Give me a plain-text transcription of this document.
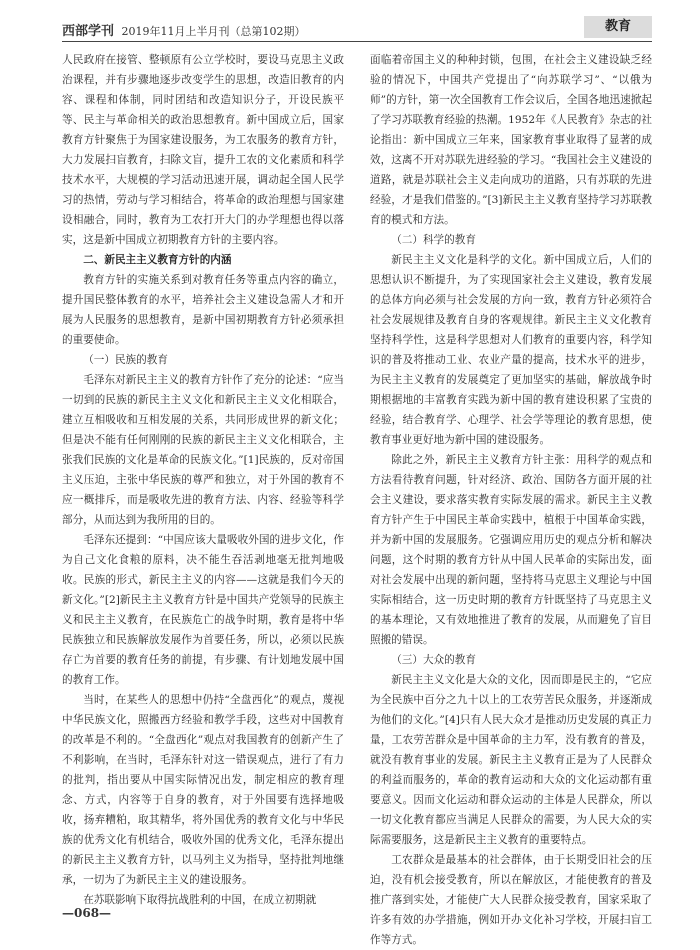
西部学刊 2019年11月上半月刊（总第102期）	教育

人民政府在接管、整顿原有公立学校时，要设马克思主义政治课程，并有步骤地逐步改变学生的思想，改造旧教育的内容、课程和体制，同时团结和改造知识分子，开设民族平等、民主与革命相关的政治思想教育。新中国成立后，国家教育方针聚焦于为国家建设服务，为工农服务的教育方针，大力发展扫盲教育，扫除文盲，提升工农的文化素质和科学技术水平，大规模的学习活动迅速开展，调动起全国人民学习的热情，劳动与学习相结合，将革命的政治理想与国家建设相融合，同时，教育为工农打开大门的办学理想也得以落实，这是新中国成立初期教育方针的主要内容。

二、新民主主义教育方针的内涵

教育方针的实施关系到对教育任务等重点内容的确立，提升国民整体教育的水平，培养社会主义建设急需人才和开展为人民服务的思想教育，是新中国初期教育方针必须承担的重要使命。

（一）民族的教育

毛泽东对新民主主义的教育方针作了充分的论述：“应当一切到的民族的新民主主义文化和新民主主义文化相联合，建立互相吸收和互相发展的关系，共同形成世界的新文化；但是决不能有任何刚刚的民族的新民主主义文化相联合，主张我们民族的文化是革命的民族文化。”[1]民族的，反对帝国主义压迫，主张中华民族的尊严和独立，对于外国的教育不应一概排斥，而是吸收先进的教育方法、内容、经验等科学部分，从而达到为我所用的目的。

毛泽东还提到：“中国应该大量吸收外国的进步文化，作为自己文化食粮的原料，决不能生吞活剥地毫无批判地吸收。民族的形式，新民主主义的内容——这就是我们今天的新文化。”[2]新民主主义教育方针是中国共产党领导的民族主义和民主主义教育，在民族危亡的战争时期，教育是将中华民族独立和民族解放发展作为首要任务，所以，必须以民族存亡为首要的教育任务的前提，有步骤、有计划地发展中国的教育工作。

当时，在某些人的思想中仍持“全盘西化”的观点，蔑视中华民族文化，照搬西方经验和教学手段，这些对中国教育的改革是不利的。“全盘西化”观点对我国教育的创新产生了不利影响，在当时，毛泽东针对这一错误观点，进行了有力的批判，指出要从中国实际情况出发，制定相应的教育理念、方式，内容等于自身的教育，对于外国要有选择地吸收，扬弃糟粕，取其精华，将外国优秀的教育文化与中华民族的优秀文化有机结合，吸收外国的优秀文化，毛泽东提出的新民主主义教育方针，以马列主义为指导，坚持批判地继承，一切为了为新民主主义的建设服务。

在苏联影响下取得抗战胜利的中国，在成立初期就

面临着帝国主义的种种封锁，包围，在社会主义建设缺乏经验的情况下，中国共产党提出了“向苏联学习”、“以俄为师”的方针，第一次全国教育工作会议后，全国各地迅速掀起了学习苏联教育经验的热潮。1952年《人民教育》杂志的社论指出：新中国成立三年来，国家教育事业取得了显著的成效，这离不开对苏联先进经验的学习。“我国社会主义建设的道路，就是苏联社会主义走向成功的道路，只有苏联的先进经验，才是我们借鉴的。”[3]新民主主义教育坚持学习苏联教育的模式和方法。

（二）科学的教育

新民主主义文化是科学的文化。新中国成立后，人们的思想认识不断提升，为了实现国家社会主义建设，教育发展的总体方向必须与社会发展的方向一致，教育方针必须符合社会发展规律及教育自身的客观规律。新民主主义文化教育坚持科学性，这是科学思想对人们教育的重要内容，科学知识的普及将推动工业、农业产量的提高，技术水平的进步，为民主主义教育的发展奠定了更加坚实的基础，解放战争时期根据地的丰富教育实践为新中国的教育建设积累了宝贵的经验，结合教育学、心理学、社会学等理论的教育思想，使教育事业更好地为新中国的建设服务。

除此之外，新民主主义教育方针主张：用科学的观点和方法看待教育问题，针对经济、政治、国防各方面开展的社会主义建设，要求落实教育实际发展的需求。新民主主义教育方针产生于中国民主革命实践中，植根于中国革命实践，并为新中国的发展服务。它强调应用历史的观点分析和解决问题，这个时期的教育方针从中国人民革命的实际出发，面对社会发展中出现的新问题，坚持将马克思主义理论与中国实际相结合，这一历史时期的教育方针既坚持了马克思主义的基本理论，又有效地推进了教育的发展，从而避免了盲目照搬的错误。

（三）大众的教育

新民主主义文化是大众的文化，因而即是民主的，“它应为全民族中百分之九十以上的工农劳苦民众服务，并逐渐成为他们的文化。”[4]只有人民大众才是推动历史发展的真正力量，工农劳苦群众是中国革命的主力军，没有教育的普及，就没有教育事业的发展。新民主主义教育正是为了人民群众的利益而服务的，革命的教育运动和大众的文化运动都有重要意义。因而文化运动和群众运动的主体是人民群众，所以一切文化教育都应当满足人民群众的需要，为人民大众的实际需要服务，这是新民主主义教育的重要特点。

工农群众是最基本的社会群体，由于长期受旧社会的压迫，没有机会接受教育，所以在解放区，才能使教育的普及推广落到实处，才能使广大人民群众接受教育，国家采取了许多有效的办学措施，例如开办文化补习学校，开展扫盲工作等方式。

—068—
